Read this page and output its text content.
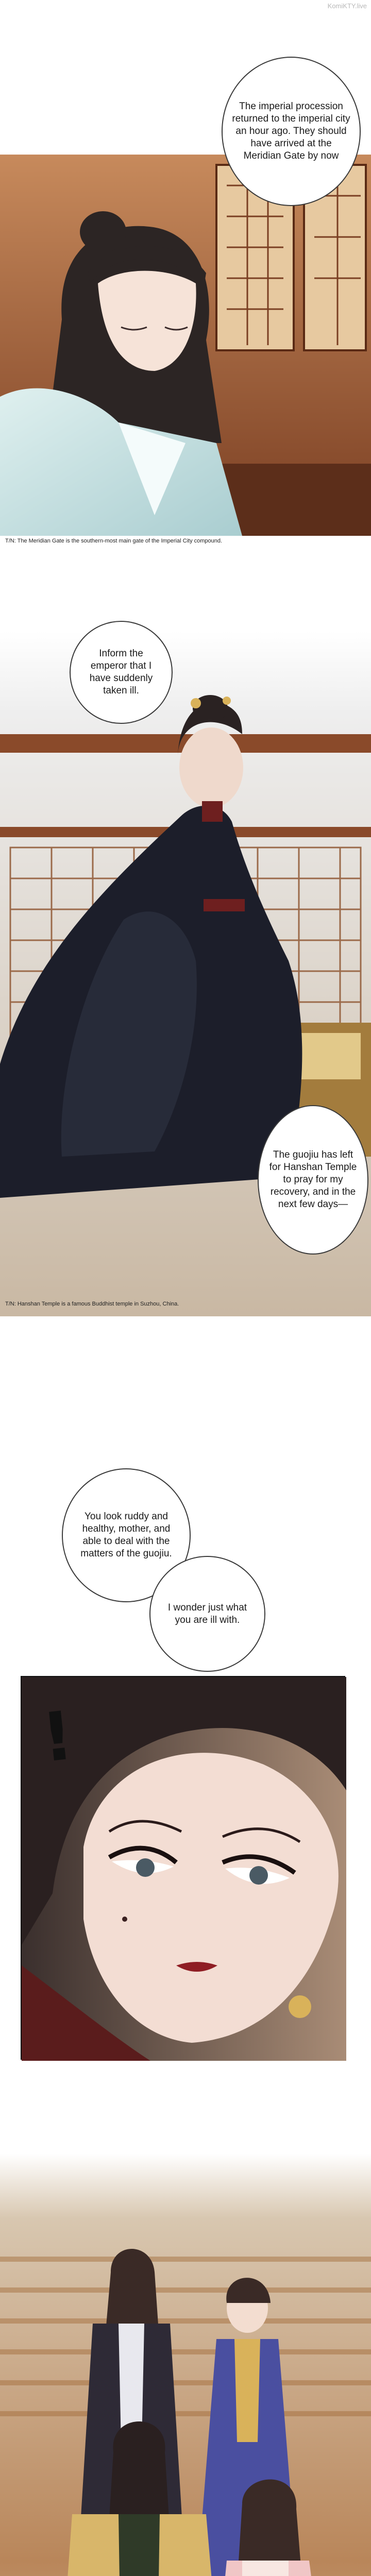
KomiKTY.live
The imperial procession returned to the imperial city an hour ago. They should have arrived at the Meridian Gate by now
T/N: The Meridian Gate is the southern-most main gate of the Imperial City compound.
Inform the emperor that I have suddenly taken ill.
The guojiu has left for Hanshan Temple to pray for my recovery, and in the next few days—
T/N: Hanshan Temple is a famous Buddhist temple in Suzhou, China.
You look ruddy and healthy, mother, and able to deal with the matters of the guojiu.
I wonder just what you are ill with.
!
